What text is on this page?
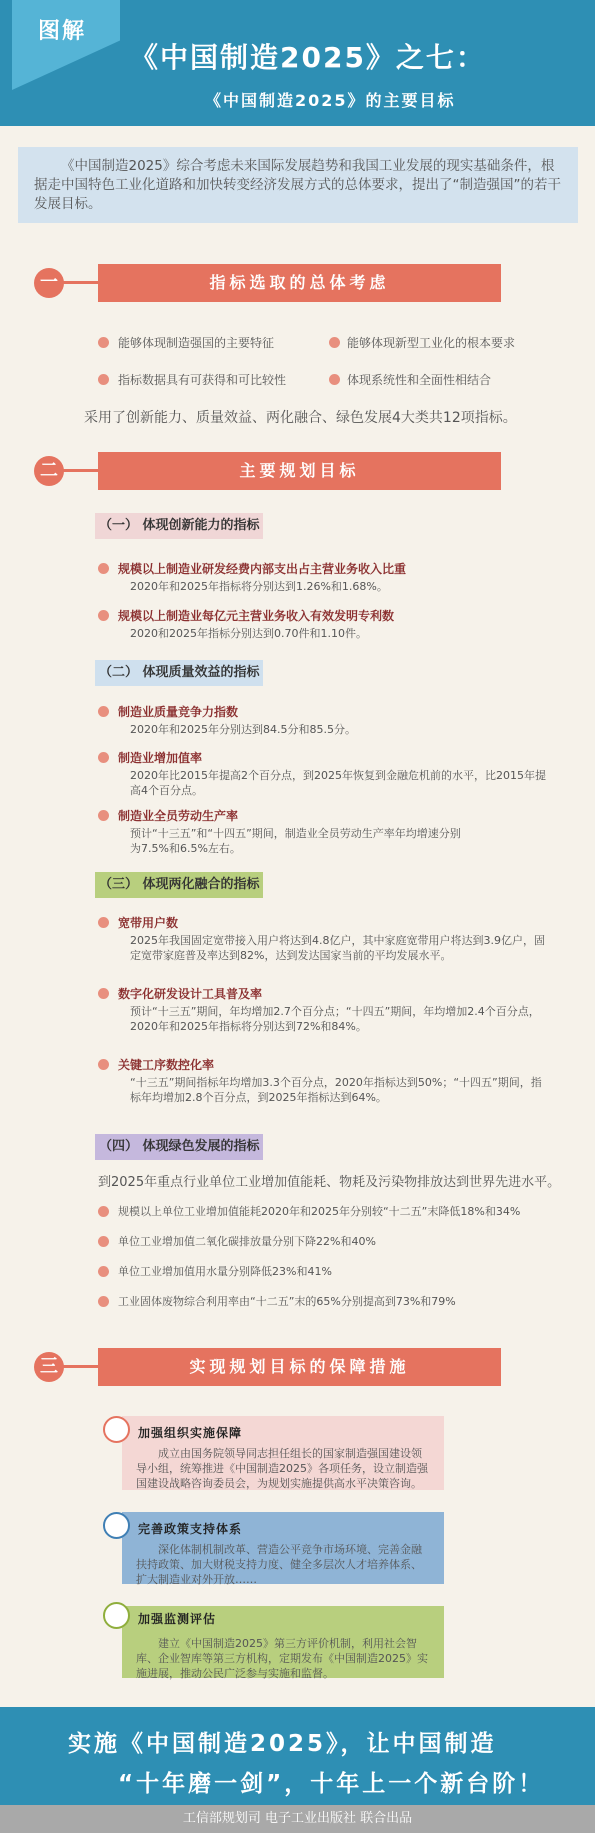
图解
《中国制造2025》之七：
《中国制造2025》的主要目标
《中国制造2025》综合考虑未来国际发展趋势和我国工业发展的现实基础条件，根据走中国特色工业化道路和加快转变经济发展方式的总体要求，提出了“制造强国”的若干发展目标。
一	指标选取的总体考虑
能够体现制造强国的主要特征	能够体现新型工业化的根本要求
指标数据具有可获得和可比较性	体现系统性和全面性相结合
采用了创新能力、质量效益、两化融合、绿色发展4大类共12项指标。
二	主要规划目标
（一） 体现创新能力的指标
规模以上制造业研发经费内部支出占主营业务收入比重
2020年和2025年指标将分别达到1.26%和1.68%。
规模以上制造业每亿元主营业务收入有效发明专利数
2020和2025年指标分别达到0.70件和1.10件。
（二） 体现质量效益的指标
制造业质量竞争力指数
2020年和2025年分别达到84.5分和85.5分。
制造业增加值率
2020年比2015年提高2个百分点，到2025年恢复到金融危机前的水平，比2015年提高4个百分点。
制造业全员劳动生产率
预计“十三五”和“十四五”期间，制造业全员劳动生产率年均增速分别为7.5%和6.5%左右。
（三） 体现两化融合的指标
宽带用户数
2025年我国固定宽带接入用户将达到4.8亿户，其中家庭宽带用户将达到3.9亿户，固定宽带家庭普及率达到82%，达到发达国家当前的平均发展水平。
数字化研发设计工具普及率
预计“十三五”期间，年均增加2.7个百分点；“十四五”期间，年均增加2.4个百分点，2020年和2025年指标将分别达到72%和84%。
关键工序数控化率
“十三五”期间指标年均增加3.3个百分点，2020年指标达到50%；“十四五”期间，指标年均增加2.8个百分点，到2025年指标达到64%。
（四） 体现绿色发展的指标
到2025年重点行业单位工业增加值能耗、物耗及污染物排放达到世界先进水平。
规模以上单位工业增加值能耗2020年和2025年分别较“十二五”末降低18%和34%
单位工业增加值二氧化碳排放量分别下降22%和40%
单位工业增加值用水量分别降低23%和41%
工业固体废物综合利用率由“十二五”末的65%分别提高到73%和79%
三	实现规划目标的保障措施
成立由国务院领导同志担任组长的国家制造强国建设领导小组，统筹推进《中国制造2025》各项任务，设立制造强国建设战略咨询委员会，为规划实施提供高水平决策咨询。
加强组织实施保障
深化体制机制改革、营造公平竞争市场环境、完善金融扶持政策、加大财税支持力度、健全多层次人才培养体系、扩大制造业对外开放……
完善政策支持体系
建立《中国制造2025》第三方评价机制，利用社会智库、企业智库等第三方机构，定期发布《中国制造2025》实施进展，推动公民广泛参与实施和监督。
加强监测评估
实施《中国制造2025》，让中国制造
“十年磨一剑”，十年上一个新台阶！
工信部规划司 电子工业出版社 联合出品
